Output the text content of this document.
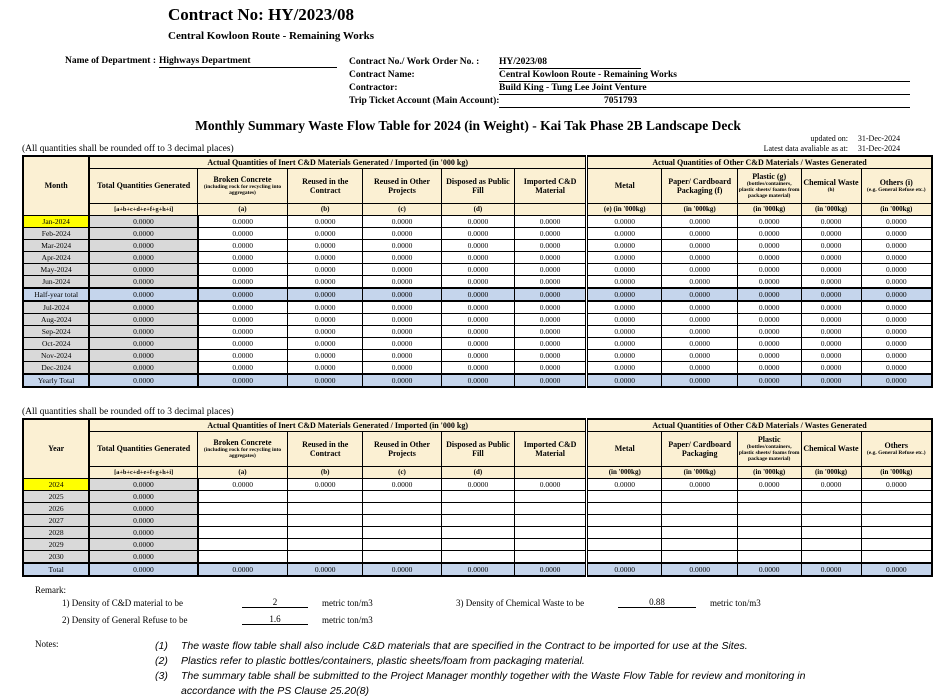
Contract No: HY/2023/08
Central Kowloon Route - Remaining Works
Name of Department : Highways Department	Contract No./ Work Order No. :	HY/2023/08
Contract Name:	Central Kowloon Route - Remaining Works
Contractor:	Build King - Tung Lee Joint Venture
Trip Ticket Account (Main Account):	7051793
Monthly Summary Waste Flow Table for 2024 (in Weight) - Kai Tak Phase 2B Landscape Deck
updated on:	31-Dec-2024
(All quantities shall be rounded off to 3 decimal places)	Latest data avaliable as at:	31-Dec-2024
Month	Actual Quantities of Inert C&D Materials Generated / Imported (in '000 kg)						Actual Quantities of Other C&D Materials / Wastes Generated				
	Total Quantities Generated	Broken Concrete
(including rock for recycling into aggregates)	Reused in the Contract	Reused in Other Projects	Disposed as Public Fill	Imported C&D Material	Metal	Paper/ Cardboard Packaging (f)	Plastic (g)
(bottles/containers, plastic sheets/ foams from package material)	Chemical Waste
(h)	Others (i)
(e.g. General Refuse etc.)

	[a+b+c+d+e+f+g+h+i]	(a)	(b)	(c)	(d)		(e) (in '000kg)	(in '000kg)	(in '000kg)	(in '000kg)	(in '000kg)
Jan-2024	0.0000	0.0000	0.0000	0.0000	0.0000	0.0000	0.0000	0.0000	0.0000	0.0000	0.0000
Feb-2024	0.0000	0.0000	0.0000	0.0000	0.0000	0.0000	0.0000	0.0000	0.0000	0.0000	0.0000
Mar-2024	0.0000	0.0000	0.0000	0.0000	0.0000	0.0000	0.0000	0.0000	0.0000	0.0000	0.0000
Apr-2024	0.0000	0.0000	0.0000	0.0000	0.0000	0.0000	0.0000	0.0000	0.0000	0.0000	0.0000
May-2024	0.0000	0.0000	0.0000	0.0000	0.0000	0.0000	0.0000	0.0000	0.0000	0.0000	0.0000
Jun-2024	0.0000	0.0000	0.0000	0.0000	0.0000	0.0000	0.0000	0.0000	0.0000	0.0000	0.0000
Half-year total	0.0000	0.0000	0.0000	0.0000	0.0000	0.0000	0.0000	0.0000	0.0000	0.0000	0.0000
Jul-2024	0.0000	0.0000	0.0000	0.0000	0.0000	0.0000	0.0000	0.0000	0.0000	0.0000	0.0000
Aug-2024	0.0000	0.0000	0.0000	0.0000	0.0000	0.0000	0.0000	0.0000	0.0000	0.0000	0.0000
Sep-2024	0.0000	0.0000	0.0000	0.0000	0.0000	0.0000	0.0000	0.0000	0.0000	0.0000	0.0000
Oct-2024	0.0000	0.0000	0.0000	0.0000	0.0000	0.0000	0.0000	0.0000	0.0000	0.0000	0.0000
Nov-2024	0.0000	0.0000	0.0000	0.0000	0.0000	0.0000	0.0000	0.0000	0.0000	0.0000	0.0000
Dec-2024	0.0000	0.0000	0.0000	0.0000	0.0000	0.0000	0.0000	0.0000	0.0000	0.0000	0.0000
Yearly Total	0.0000	0.0000	0.0000	0.0000	0.0000	0.0000	0.0000	0.0000	0.0000	0.0000	0.0000
(All quantities shall be rounded off to 3 decimal places)
Year	Actual Quantities of Inert C&D Materials Generated / Imported (in '000 kg)						Actual Quantities of Other C&D Materials / Wastes Generated				
	Total Quantities Generated	Broken Concrete
(including rock for recycling into aggregates)	Reused in the Contract	Reused in Other Projects	Disposed as Public Fill	Imported C&D Material	Metal	Paper/ Cardboard Packaging	Plastic
(bottles/containers, plastic sheets/ foams from package material)	Chemical Waste	Others
(e.g. General Refuse etc.)

	[a+b+c+d+e+f+g+h+i]	(a)	(b)	(c)	(d)		(in '000kg)	(in '000kg)	(in '000kg)	(in '000kg)	(in '000kg)
2024	0.0000	0.0000	0.0000	0.0000	0.0000	0.0000	0.0000	0.0000	0.0000	0.0000	0.0000
2025	0.0000										
2026	0.0000										
2027	0.0000										
2028	0.0000										
2029	0.0000										
2030	0.0000										
Total	0.0000	0.0000	0.0000	0.0000	0.0000	0.0000	0.0000	0.0000	0.0000	0.0000	0.0000
Remark:
1) Density of C&D material to be	2	metric ton/m3	3) Density of Chemical Waste to be	0.88	metric ton/m3
2) Density of General Refuse to be	1.6	metric ton/m3
Notes:	(1)	The waste flow table shall also include C&D materials that are specified in the Contract to be imported for use at the Sites.
(2)	Plastics refer to plastic bottles/containers, plastic sheets/foam from packaging material.
(3)	The summary table shall be submitted to the Project Manager monthly together with the Waste Flow Table for review and monitoring in accordance with the PS Clause 25.20(8)
